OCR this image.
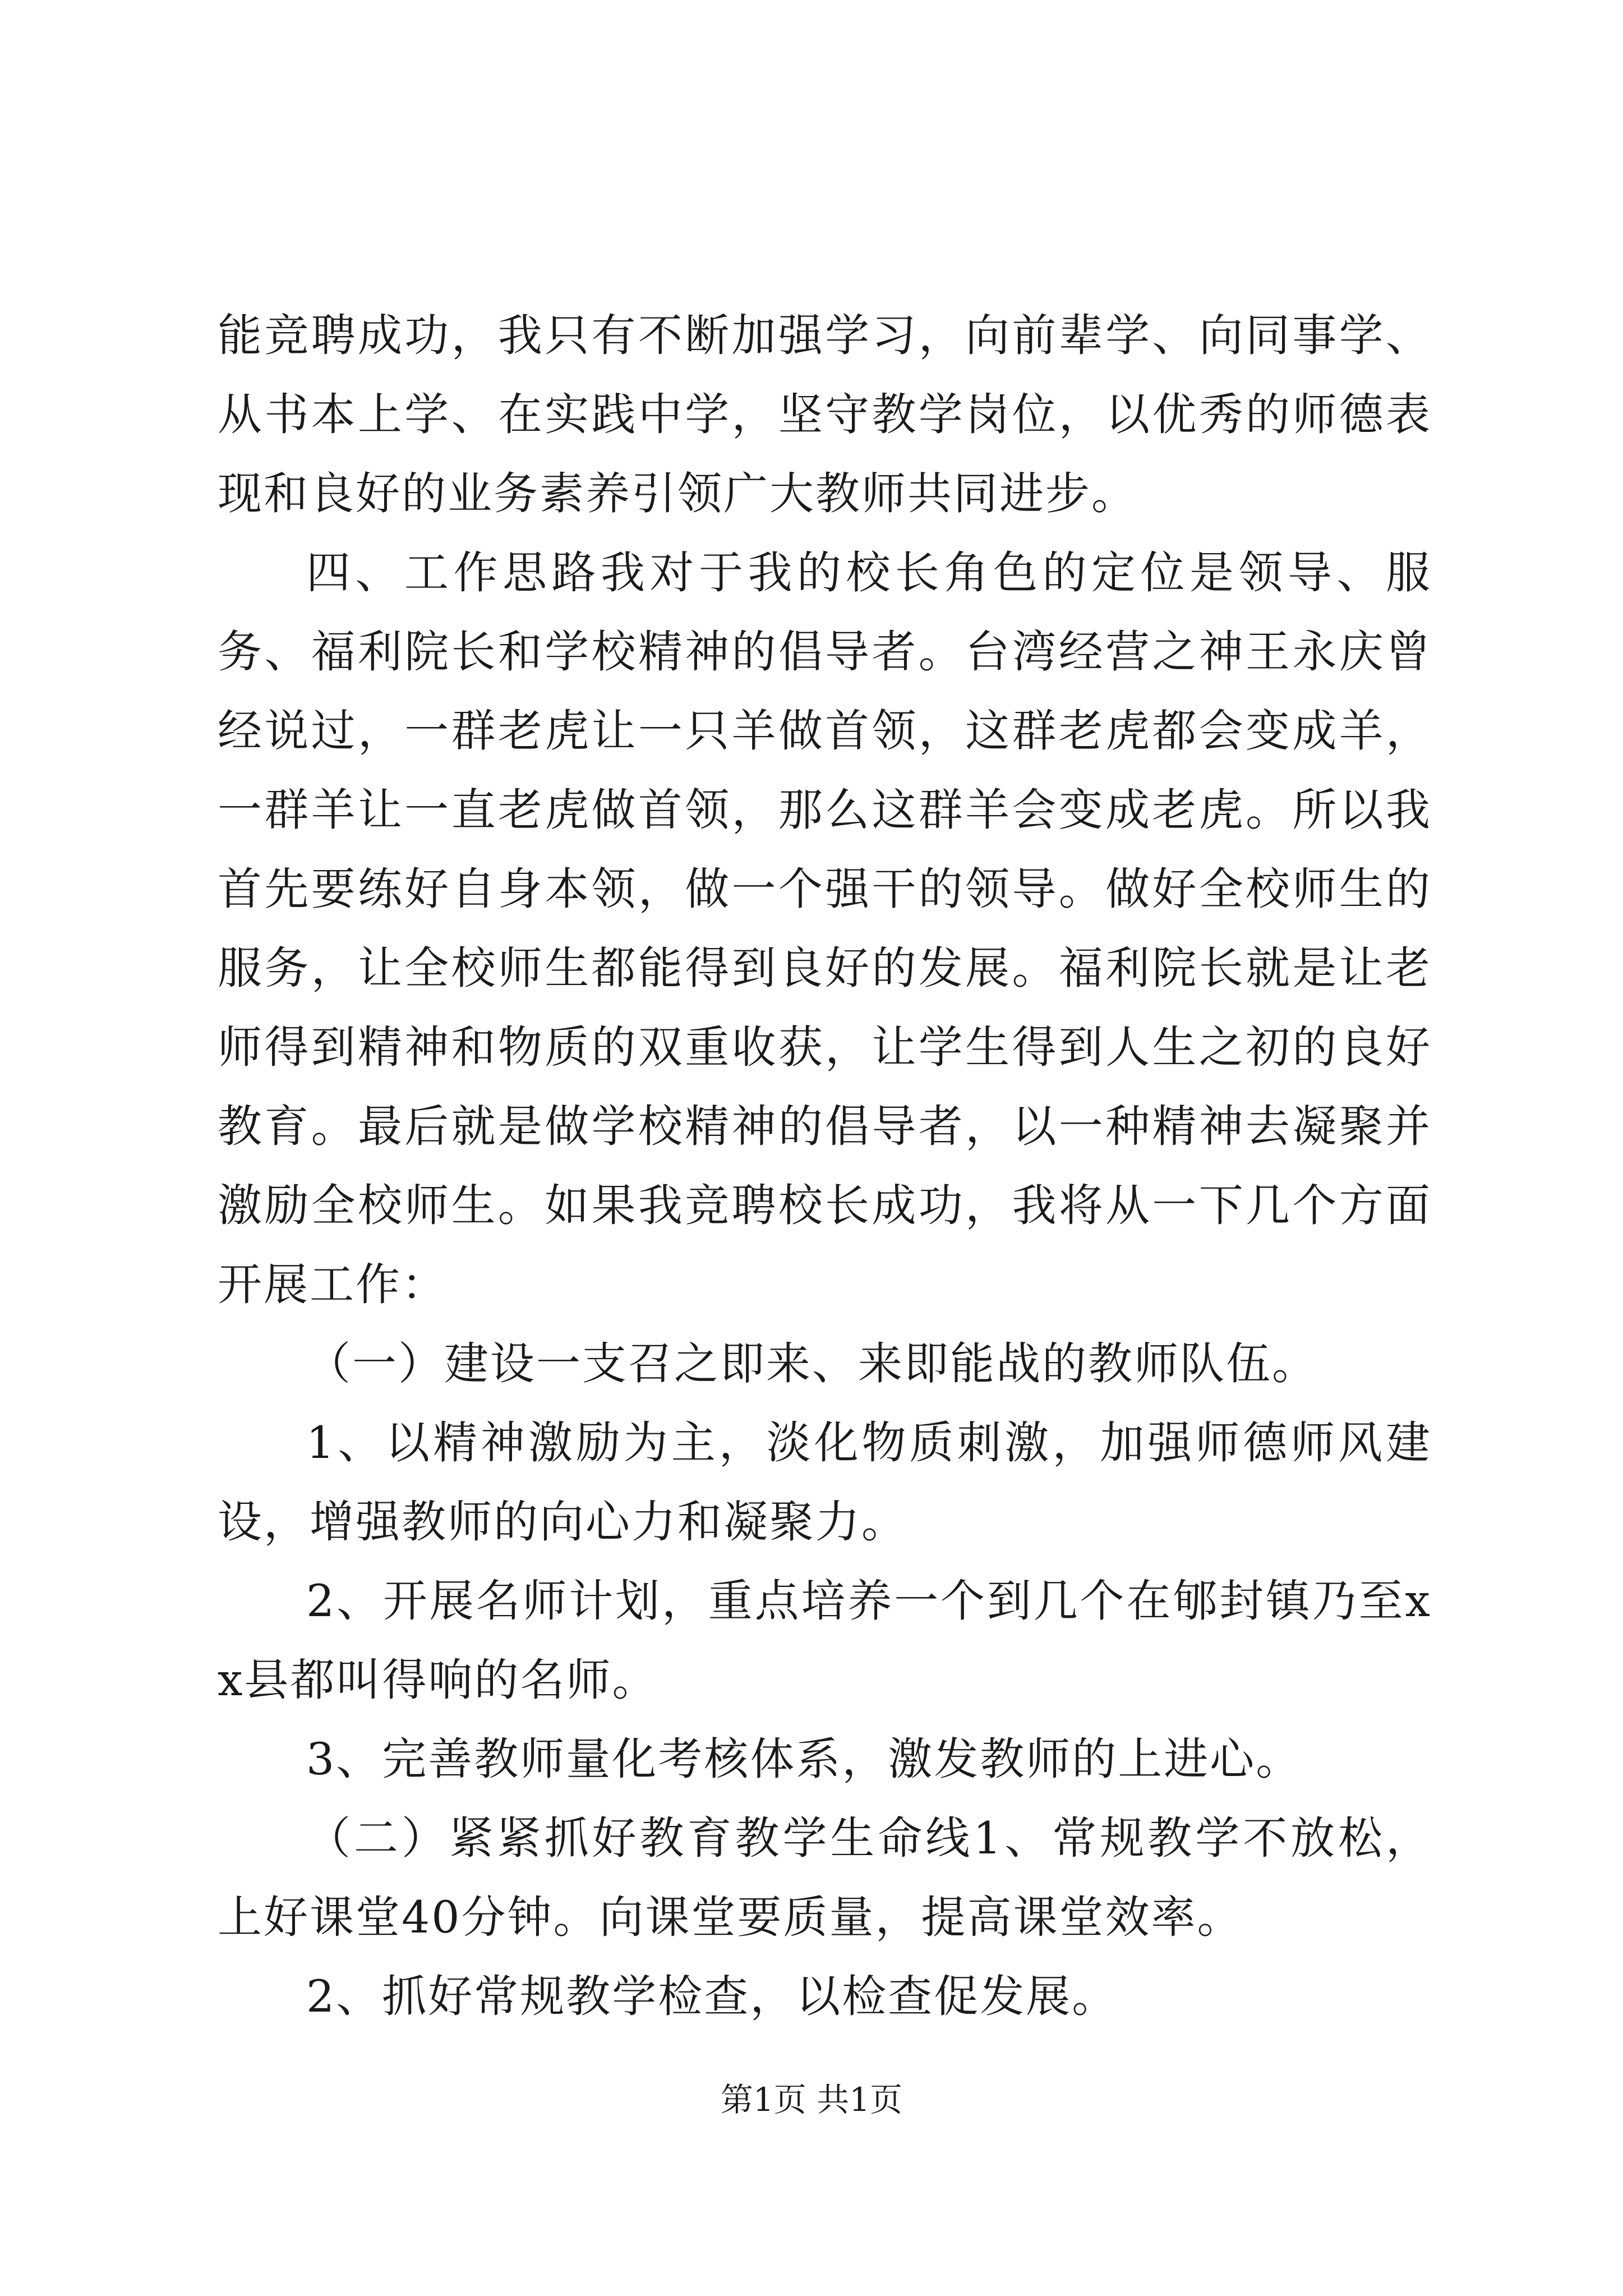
能竞聘成功，我只有不断加强学习，向前辈学、向同事学、从书本上学、在实践中学，坚守教学岗位，以优秀的师德表现和良好的业务素养引领广大教师共同进步。

四、工作思路我对于我的校长角色的定位是领导、服务、福利院长和学校精神的倡导者。台湾经营之神王永庆曾经说过，一群老虎让一只羊做首领，这群老虎都会变成羊，一群羊让一直老虎做首领，那么这群羊会变成老虎。所以我首先要练好自身本领，做一个强干的领导。做好全校师生的服务，让全校师生都能得到良好的发展。福利院长就是让老师得到精神和物质的双重收获，让学生得到人生之初的良好教育。最后就是做学校精神的倡导者，以一种精神去凝聚并激励全校师生。如果我竞聘校长成功，我将从一下几个方面开展工作：

（一）建设一支召之即来、来即能战的教师队伍。

1、以精神激励为主，淡化物质刺激，加强师德师风建设，增强教师的向心力和凝聚力。

2、开展名师计划，重点培养一个到几个在郇封镇乃至xx县都叫得响的名师。

3、完善教师量化考核体系，激发教师的上进心。

（二）紧紧抓好教育教学生命线1、常规教学不放松，上好课堂40分钟。向课堂要质量，提高课堂效率。

2、抓好常规教学检查，以检查促发展。

第1页 共1页
